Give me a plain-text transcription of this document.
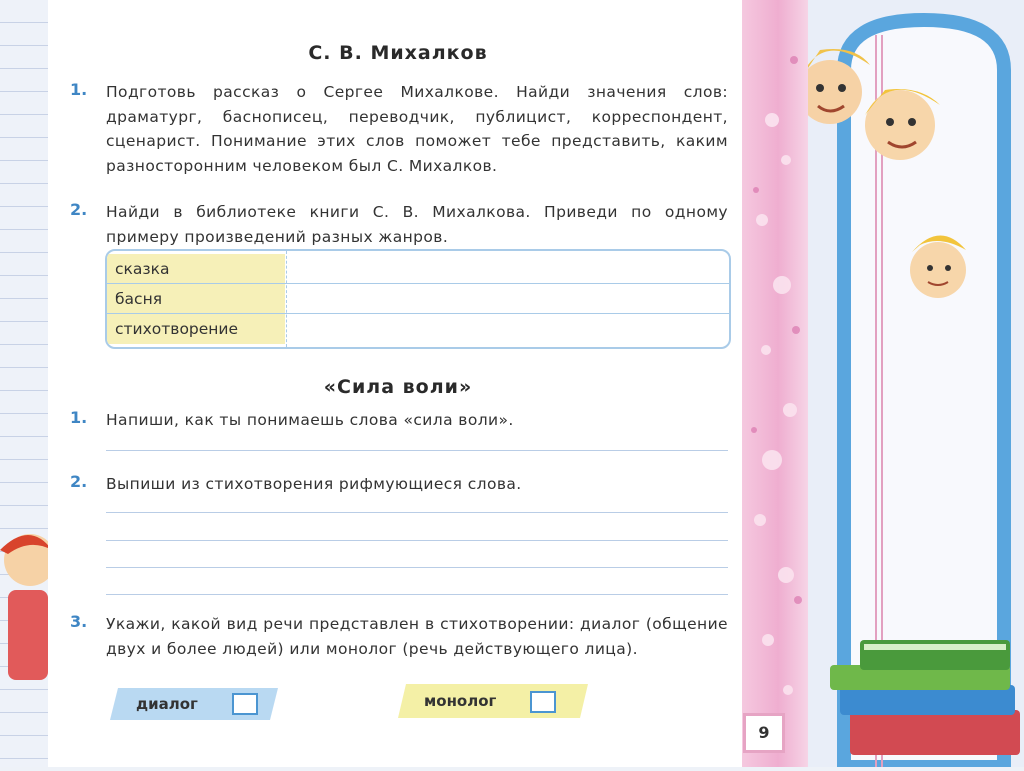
С. В. Михалков
1. Подготовь рассказ о Сергее Михалкове. Найди значения слов: драматург, баснописец, переводчик, публицист, корреспондент, сценарист. Понимание этих слов поможет тебе представить, каким разносторонним человеком был С. Михалков.
2. Найди в библиотеке книги С. В. Михалкова. Приведи по одному примеру произведений разных жанров.
сказка
басня
стихотворение
«Сила воли»
1. Напиши, как ты понимаешь слова «сила воли».
2. Выпиши из стихотворения рифмующиеся слова.
3. Укажи, какой вид речи представлен в стихотворении: диалог (общение двух и более людей) или монолог (речь действующего лица).
диалог	монолог
9
